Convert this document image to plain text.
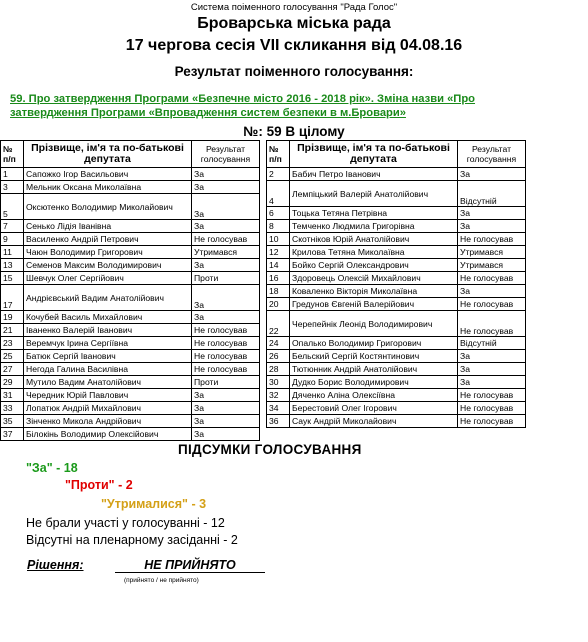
Система поіменного голосування "Рада Голос"
Броварська міська рада
17 чергова сесія VІІ скликання від 04.08.16
Результат поіменного голосування:
59. Про затвердження Програми «Безпечне місто 2016 - 2018 рік». Зміна назви «Про затвердження Програми «Впровадження систем безпеки в м.Бровари»
№: 59 В цілому
№ п/п	Прізвище, ім'я та по-батькові депутата	Результат голосування
1	Сапожко Ігор Васильович	За
3	Мельник Оксана Миколаївна	За
5	Оксютенко Володимир Миколайович	За
7	Сенько Лідія Іванівна	За
9	Василенко Андрій Петрович	Не голосував
11	Чаюн Володимир Григорович	Утримався
13	Семенов Максим Володимирович	За
15	Шевчук Олег Сергійович	Проти
17	Андрієвський Вадим Анатолійович	За
19	Кочубей Василь Михайлович	За
21	Іваненко Валерій Іванович	Не голосував
23	Веремчук Ірина Сергіївна	Не голосував
25	Батюк Сергій Іванович	Не голосував
27	Негода Галина Василівна	Не голосував
29	Мутило Вадим Анатолійович	Проти
31	Чередник Юрій Павлович	За
33	Лопатюк Андрій Михайлович	За
35	Зінченко Микола Андрійович	За
37	Білокінь Володимир Олексійович	За
№ п/п	Прізвище, ім'я та по-батькові депутата	Результат голосування
2	Бабич Петро Іванович	За
4	Лемпіцький Валерій Анатолійович	Відсутній
6	Тоцька Тетяна Петрівна	За
8	Темченко Людмила Григорівна	За
10	Скотніков Юрій Анатолійович	Не голосував
12	Крилова Тетяна Миколаївна	Утримався
14	Бойко Сергій Олександрович	Утримався
16	Здоровець Олексій Михайлович	Не голосував
18	Коваленко Вікторія Миколаївна	За
20	Гредунов Євгеній Валерійович	Не голосував
22	Черепейнік Леонід Володимирович	Не голосував
24	Опалько Володимир Григорович	Відсутній
26	Бельский Сергій Костянтинович	За
28	Тютюнник Андрій Анатолійович	За
30	Дудко Борис Володимирович	За
32	Дяченко Аліна Олексіївна	Не голосував
34	Берестовий Олег Ігорович	Не голосував
36	Саук Андрій Миколайович	Не голосував
ПІДСУМКИ ГОЛОСУВАННЯ
"За" - 18
"Проти" - 2
"Утрималися" - 3
Не брали участі у голосуванні - 12
Відсутні на пленарному засіданні - 2
Рішення:	НЕ ПРИЙНЯТО
(прийнято / не прийнято)
